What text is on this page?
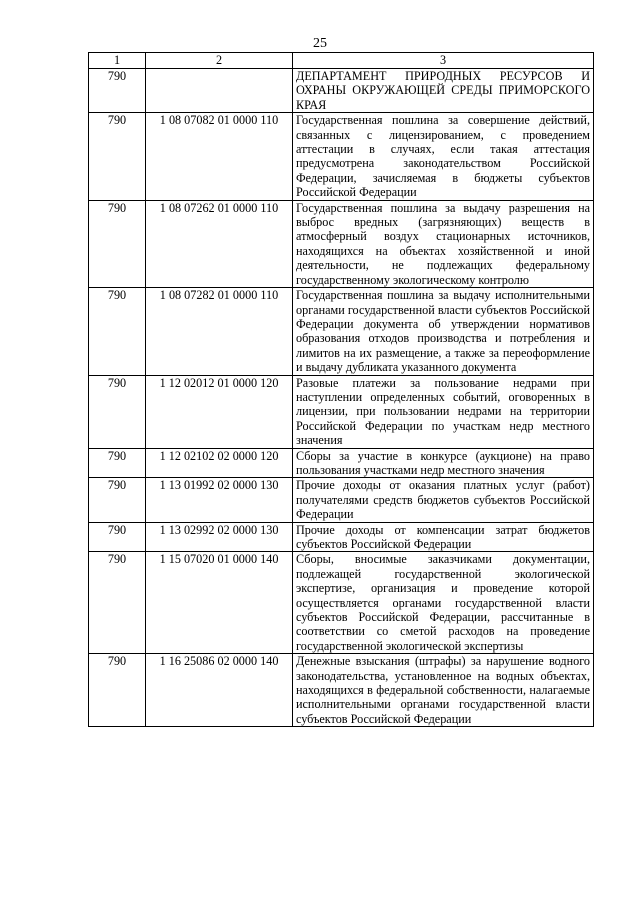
25
1	2	3
790		ДЕПАРТАМЕНТ ПРИРОДНЫХ РЕСУРСОВ И ОХРАНЫ ОКРУЖАЮЩЕЙ СРЕДЫ ПРИМОРСКОГО КРАЯ
790	1 08 07082 01 0000 110	Государственная пошлина за совершение действий, связанных с лицензированием, с проведением аттестации в случаях, если такая аттестация предусмотрена законодательством Российской Федерации, зачисляемая в бюджеты субъектов Российской Федерации
790	1 08 07262 01 0000 110	Государственная пошлина за выдачу разрешения на выброс вредных (загрязняющих) веществ в атмосферный воздух стационарных источников, находящихся на объектах хозяйственной и иной деятельности, не подлежащих федеральному государственному экологическому контролю
790	1 08 07282 01 0000 110	Государственная пошлина за выдачу исполнительными органами государственной власти субъектов Российской Федерации документа об утверждении нормативов образования отходов производства и потребления и лимитов на их размещение, а также за переоформление и выдачу дубликата указанного документа
790	1 12 02012 01 0000 120	Разовые платежи за пользование недрами при наступлении определенных событий, оговоренных в лицензии, при пользовании недрами на территории Российской Федерации по участкам недр местного значения
790	1 12 02102 02 0000 120	Сборы за участие в конкурсе (аукционе) на право пользования участками недр местного значения
790	1 13 01992 02 0000 130	Прочие доходы от оказания платных услуг (работ) получателями средств бюджетов субъектов Российской Федерации
790	1 13 02992 02 0000 130	Прочие доходы от компенсации затрат бюджетов субъектов Российской Федерации
790	1 15 07020 01 0000 140	Сборы, вносимые заказчиками документации, подлежащей государственной экологической экспертизе, организация и проведение которой осуществляется органами государственной власти субъектов Российской Федерации, рассчитанные в соответствии со сметой расходов на проведение государственной экологической экспертизы
790	1 16 25086 02 0000 140	Денежные взыскания (штрафы) за нарушение водного законодательства, установленное на водных объектах, находящихся в федеральной собственности, налагаемые исполнительными органами государственной власти субъектов Российской Федерации
